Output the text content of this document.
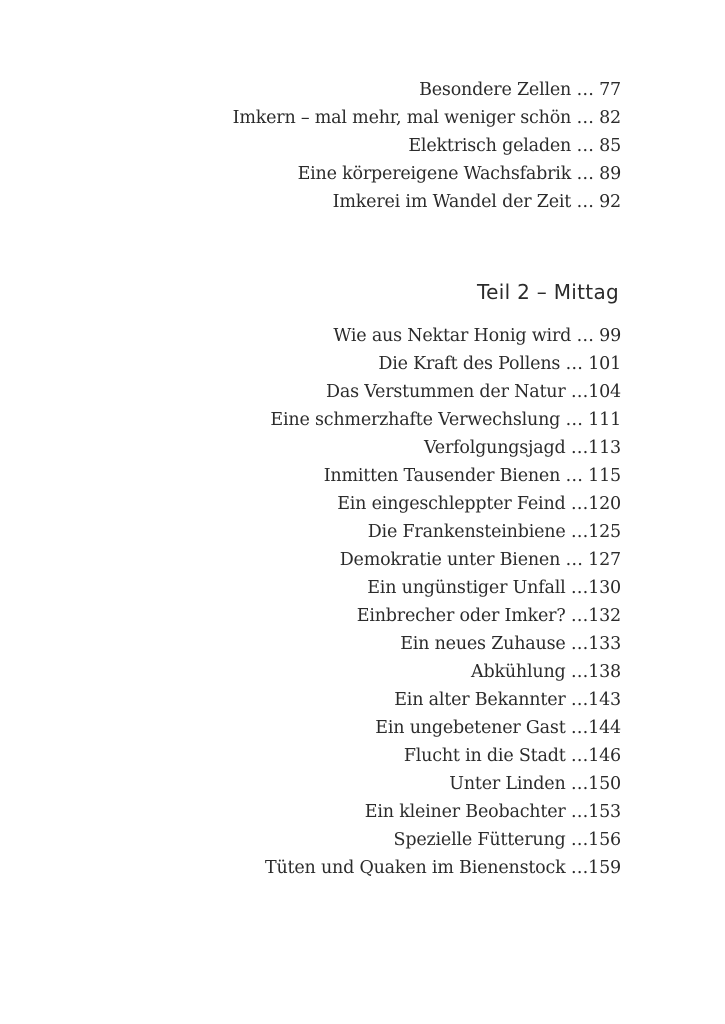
Besondere Zellen … 77
Imkern – mal mehr, mal weniger schön … 82
Elektrisch geladen … 85
Eine körpereigene Wachsfabrik … 89
Imkerei im Wandel der Zeit … 92
Teil 2 – Mittag
Wie aus Nektar Honig wird … 99
Die Kraft des Pollens … 101
Das Verstummen der Natur …104
Eine schmerzhafte Verwechslung … 111
Verfolgungsjagd …113
Inmitten Tausender Bienen … 115
Ein eingeschleppter Feind …120
Die Frankensteinbiene …125
Demokratie unter Bienen … 127
Ein ungünstiger Unfall …130
Einbrecher oder Imker? …132
Ein neues Zuhause …133
Abkühlung …138
Ein alter Bekannter …143
Ein ungebetener Gast …144
Flucht in die Stadt …146
Unter Linden …150
Ein kleiner Beobachter …153
Spezielle Fütterung …156
Tüten und Quaken im Bienenstock …159
